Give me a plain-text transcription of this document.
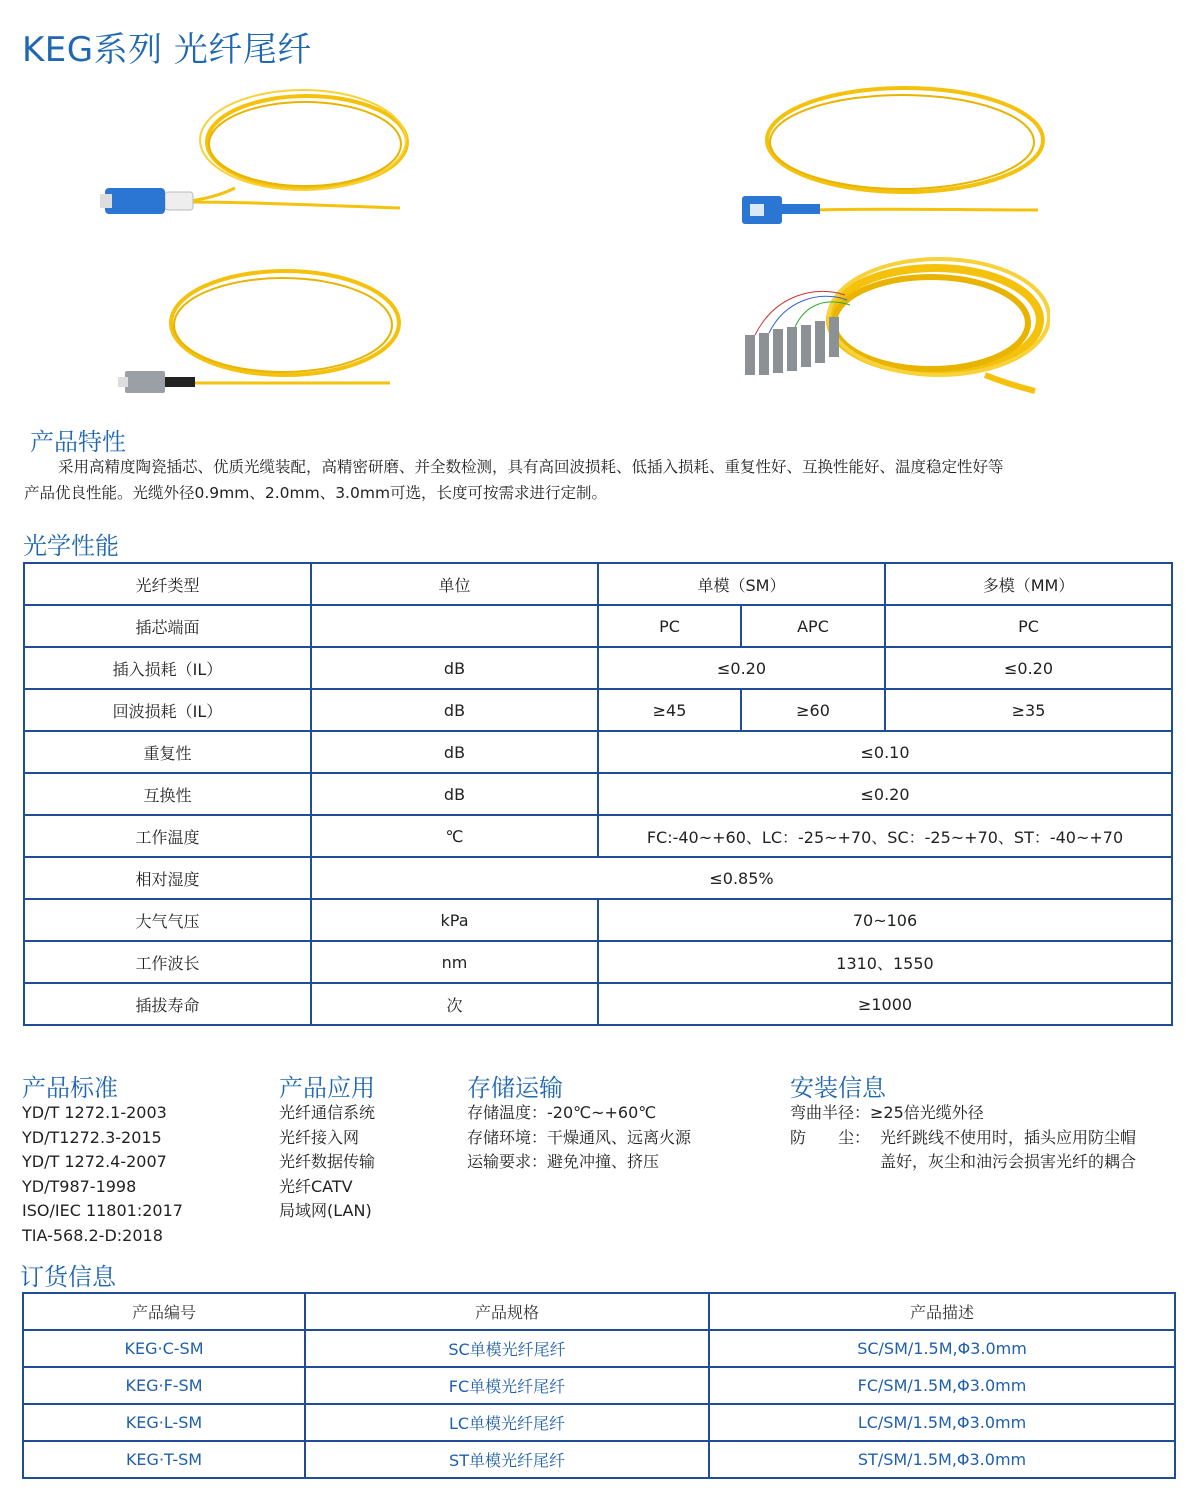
KEG系列 光纤尾纤
产品特性
采用高精度陶瓷插芯、优质光缆装配，高精密研磨、并全数检测，具有高回波损耗、低插入损耗、重复性好、互换性能好、温度稳定性好等
产品优良性能。光缆外径0.9mm、2.0mm、3.0mm可选，长度可按需求进行定制。
光学性能
光纤类型	单位	单模（SM）		多模（MM）
插芯端面		PC	APC	PC
插入损耗（IL）	dB	≤0.20		≤0.20
回波损耗（IL）	dB	≥45	≥60	≥35
重复性	dB	≤0.10		
互换性	dB	≤0.20		
工作温度	℃	FC:-40~+60、LC：-25~+70、SC：-25~+70、ST：-40~+70		
相对湿度	≤0.85%			
大气气压	kPa	70~106		
工作波长	nm	1310、1550		
插拔寿命	次	≥1000		
产品标准
YD/T 1272.1-2003
YD/T1272.3-2015
YD/T 1272.4-2007
YD/T987-1998
ISO/IEC 11801:2017
TIA-568.2-D:2018
产品应用
光纤通信系统
光纤接入网
光纤数据传输
光纤CATV
局域网(LAN)
存储运输
存储温度：-20℃~+60℃
存储环境：干燥通风、远离火源
运输要求：避免冲撞、挤压
安装信息
弯曲半径：≥25倍光缆外径
防　　尘： 光纤跳线不使用时，插头应用防尘帽
盖好，灰尘和油污会损害光纤的耦合
订货信息
产品编号	产品规格	产品描述
KEG·C-SM	SC单模光纤尾纤	SC/SM/1.5M,Φ3.0mm
KEG·F-SM	FC单模光纤尾纤	FC/SM/1.5M,Φ3.0mm
KEG·L-SM	LC单模光纤尾纤	LC/SM/1.5M,Φ3.0mm
KEG·T-SM	ST单模光纤尾纤	ST/SM/1.5M,Φ3.0mm
